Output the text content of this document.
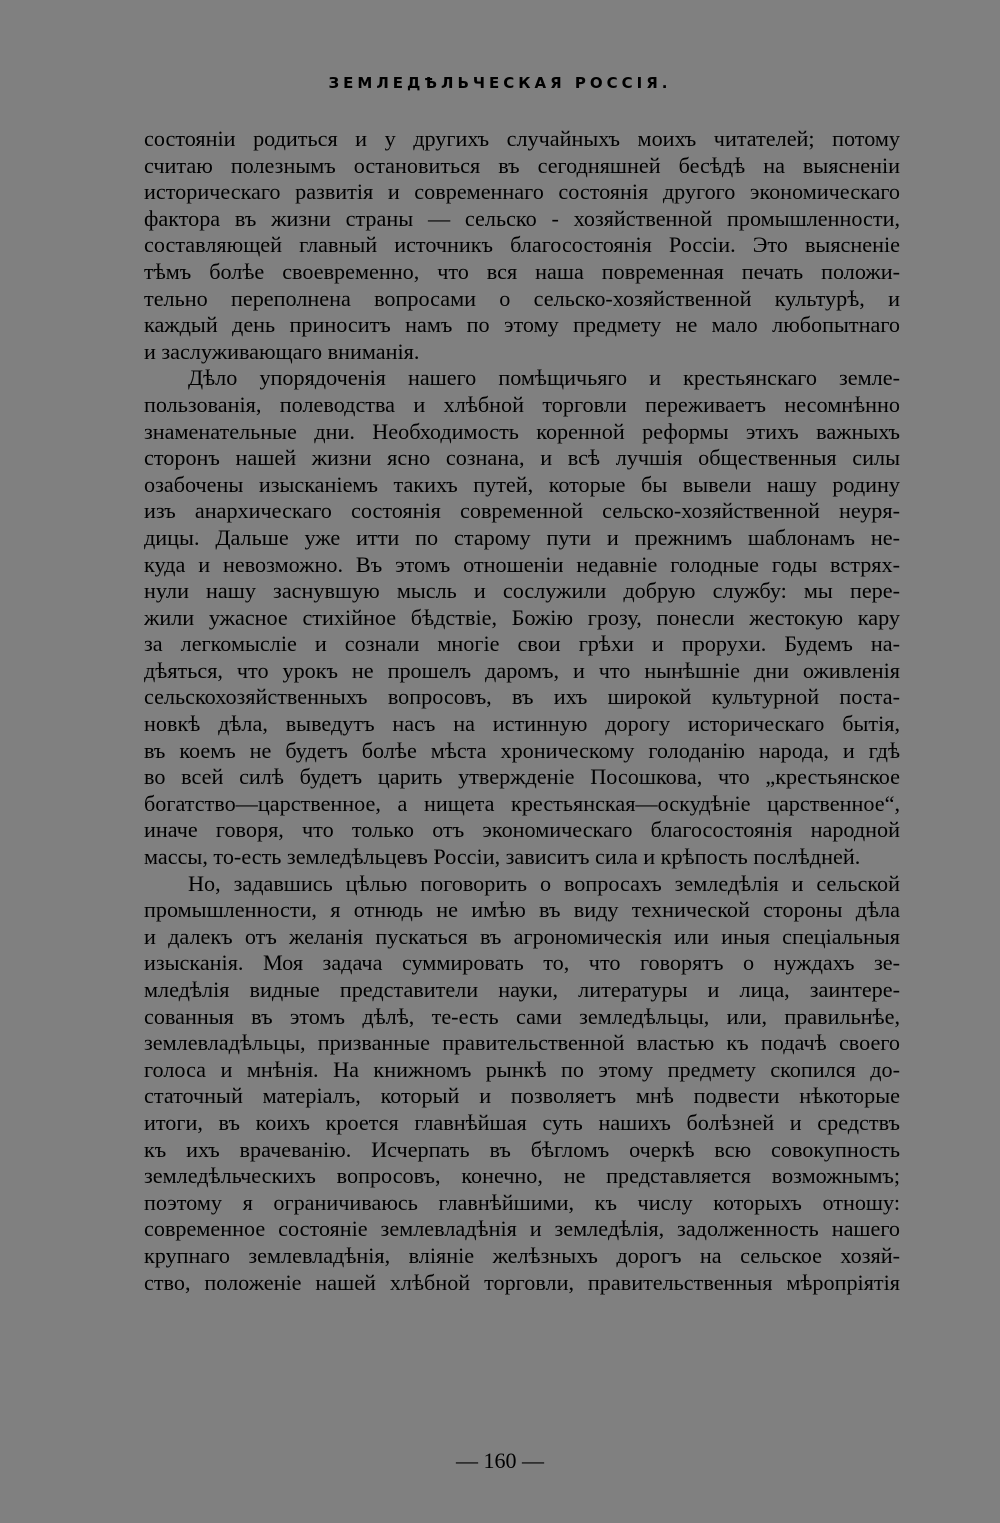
ЗЕМЛЕДѢЛЬЧЕСКАЯ РОССІЯ.
состояніи родиться и у другихъ случайныхъ моихъ читателей; потому
считаю полезнымъ остановиться въ сегодняшней бесѣдѣ на выясненіи
историческаго развитія и современнаго состоянія другого экономическаго
фактора въ жизни страны — сельско - хозяйственной промышленности,
составляющей главный источникъ благосостоянія Россіи. Это выясненіе
тѣмъ болѣе своевременно, что вся наша повременная печать положи-
тельно переполнена вопросами о сельско-хозяйственной культурѣ, и
каждый день приноситъ намъ по этому предмету не мало любопытнаго
и заслуживающаго вниманія.
Дѣло упорядоченія нашего помѣщичьяго и крестьянскаго земле-
пользованія, полеводства и хлѣбной торговли переживаетъ несомнѣнно
знаменательные дни. Необходимость коренной реформы этихъ важныхъ
сторонъ нашей жизни ясно сознана, и всѣ лучшія общественныя силы
озабочены изысканіемъ такихъ путей, которые бы вывели нашу родину
изъ анархическаго состоянія современной сельско-хозяйственной неуря-
дицы. Дальше уже итти по старому пути и прежнимъ шаблонамъ не-
куда и невозможно. Въ этомъ отношеніи недавніе голодные годы встрях-
нули нашу заснувшую мысль и сослужили добрую службу: мы пере-
жили ужасное стихійное бѣдствіе, Божію грозу, понесли жестокую кару
за легкомысліе и сознали многіе свои грѣхи и прорухи. Будемъ на-
дѣяться, что урокъ не прошелъ даромъ, и что нынѣшніе дни оживленія
сельскохозяйственныхъ вопросовъ, въ ихъ широкой культурной поста-
новкѣ дѣла, выведутъ насъ на истинную дорогу историческаго бытія,
въ коемъ не будетъ болѣе мѣста хроническому голоданію народа, и гдѣ
во всей силѣ будетъ царить утвержденіе Посошкова, что „крестьянское
богатство—царственное, а нищета крестьянская—оскудѣніе царственное“,
иначе говоря, что только отъ экономическаго благосостоянія народной
массы, то-есть земледѣльцевъ Россіи, зависитъ сила и крѣпость послѣдней.
Но, задавшись цѣлью поговорить о вопросахъ земледѣлія и сельской
промышленности, я отнюдь не имѣю въ виду технической стороны дѣла
и далекъ отъ желанія пускаться въ агрономическія или иныя спеціальныя
изысканія. Моя задача суммировать то, что говорятъ о нуждахъ зе-
мледѣлія видные представители науки, литературы и лица, заинтере-
сованныя въ этомъ дѣлѣ, те-есть сами земледѣльцы, или, правильнѣе,
землевладѣльцы, призванные правительственной властью къ подачѣ своего
голоса и мнѣнія. На книжномъ рынкѣ по этому предмету скопился до-
статочный матеріалъ, который и позволяетъ мнѣ подвести нѣкоторые
итоги, въ коихъ кроется главнѣйшая суть нашихъ болѣзней и средствъ
къ ихъ врачеванію. Исчерпать въ бѣгломъ очеркѣ всю совокупность
земледѣльческихъ вопросовъ, конечно, не представляется возможнымъ;
поэтому я ограничиваюсь главнѣйшими, къ числу которыхъ отношу:
современное состояніе землевладѣнія и земледѣлія, задолженность нашего
крупнаго землевладѣнія, вліяніе желѣзныхъ дорогъ на сельское хозяй-
ство, положеніе нашей хлѣбной торговли, правительственныя мѣропріятія
— 160 —
